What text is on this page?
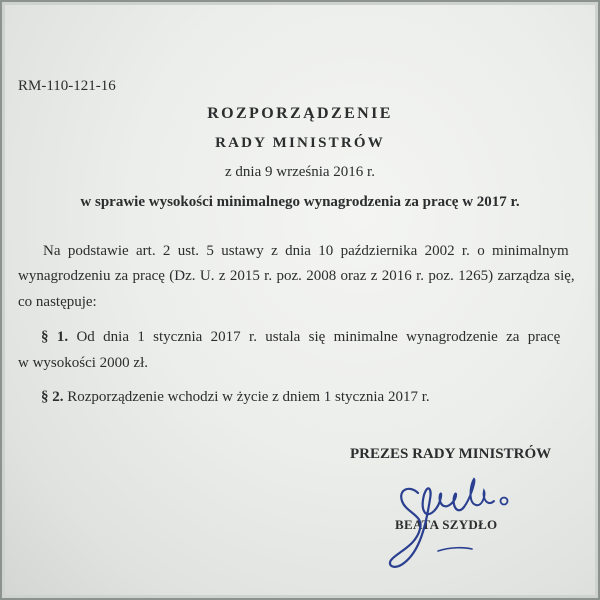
RM-110-121-16
ROZPORZĄDZENIE
RADY MINISTRÓW
z dnia 9 września 2016 r.
w sprawie wysokości minimalnego wynagrodzenia za pracę w 2017 r.
Na podstawie art. 2 ust. 5 ustawy z dnia 10 października 2002 r. o minimalnym
wynagrodzeniu za pracę (Dz. U. z 2015 r. poz. 2008 oraz z 2016 r. poz. 1265) zarządza się,
co następuje:
§ 1. Od dnia 1 stycznia 2017 r. ustala się minimalne wynagrodzenie za pracę
w wysokości 2000 zł.
§ 2. Rozporządzenie wchodzi w życie z dniem 1 stycznia 2017 r.
PREZES RADY MINISTRÓW
BEATA SZYDŁO
